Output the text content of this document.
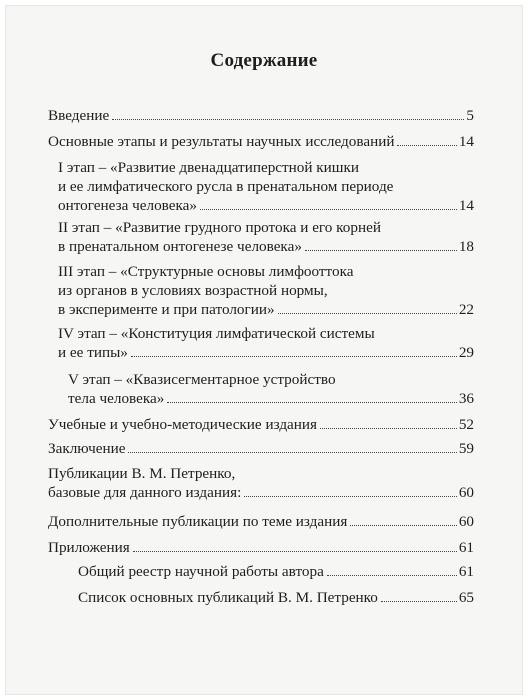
Содержание
Введение	5
Основные этапы и результаты научных исследований	14
I этап – «Развитие двенадцатиперстной кишки
и ее лимфатического русла в пренатальном периоде
онтогенеза человека»	14
II этап – «Развитие грудного протока и его корней
в пренатальном онтогенезе человека»	18
III этап – «Структурные основы лимфооттока
из органов в условиях возрастной нормы,
в эксперименте и при патологии»	22
IV этап – «Конституция лимфатической системы
и ее типы»	29
V этап – «Квазисегментарное устройство
тела человека»	36
Учебные и учебно-методические издания	52
Заключение	59
Публикации В. М. Петренко,
базовые для данного издания:	60
Дополнительные публикации по теме издания	60
Приложения	61
Общий реестр научной работы автора	61
Список основных публикаций В. М. Петренко	65
